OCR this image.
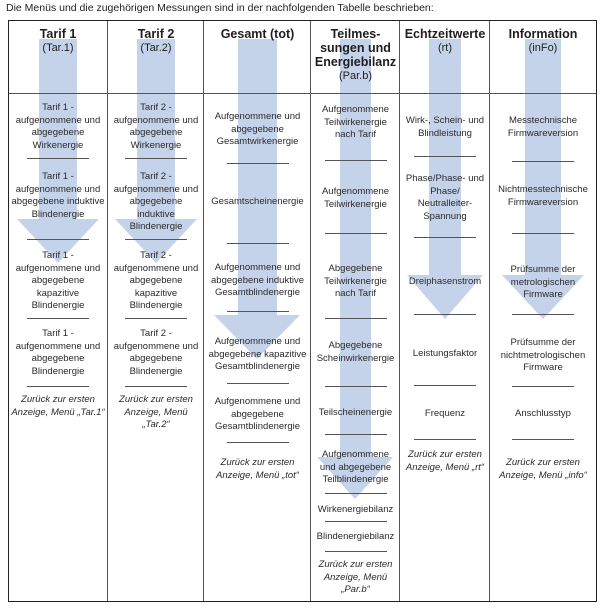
Die Menüs und die zugehörigen Messungen sind in der nachfolgenden Tabelle beschrieben:
Tarif 1
(Tar.1)
Tarif 1 - aufgenommene und abgegebene Wirkenergie
Tarif 1 - aufgenommene und abgegebene induktive Blindenergie
Tarif 1 - aufgenommene und abgegebene kapazitive Blindenergie
Tarif 1 - aufgenommene und abgegebene Blindenergie
Zurück zur ersten Anzeige, Menü „Tar.1“
Tarif 2
(Tar.2)
Tarif 2 - aufgenommene und abgegebene Wirkenergie
Tarif 2 - aufgenommene und abgegebene induktive Blindenergie
Tarif 2 - aufgenommene und abgegebene kapazitive Blindenergie
Tarif 2 - aufgenommene und abgegebene Blindenergie
Zurück zur ersten Anzeige, Menü „Tar.2“
Gesamt (tot)
Aufgenommene und abgegebene Gesamtwirkenergie
Gesamtscheinenergie
Aufgenommene und abgegebene induktive Gesamtblindenergie
Aufgenommene und abgegebene kapazitive Gesamtblindenergie
Aufgenommene und abgegebene Gesamtblindenergie
Zurück zur ersten Anzeige, Menü „tot“
Teilmes-sungen und Energiebilanz
(Par.b)
Aufgenommene Teilwirkenergie nach Tarif
Aufgenommene Teilwirkenergie
Abgegebene Teilwirkenergie nach Tarif
Abgegebene Scheinwirkenergie
Teilscheinenergie
Aufgenommene und abgegebene Teilblindenergie
Wirkenergiebilanz
Blindenergiebilanz
Zurück zur ersten Anzeige, Menü „Par.b“
Echtzeitwerte
(rt)
Wirk-, Schein- und Blindleistung
Phase/Phase- und Phase/ Neutralleiter-Spannung
Dreiphasenstrom
Leistungsfaktor
Frequenz
Zurück zur ersten Anzeige, Menü „rt“
Information
(inFo)
Messtechnische Firmwareversion
Nichtmesstechnische Firmwareversion
Prüfsumme der metrologischen Firmware
Prüfsumme der nichtmetrologischen Firmware
Anschlusstyp
Zurück zur ersten Anzeige, Menü „info“
